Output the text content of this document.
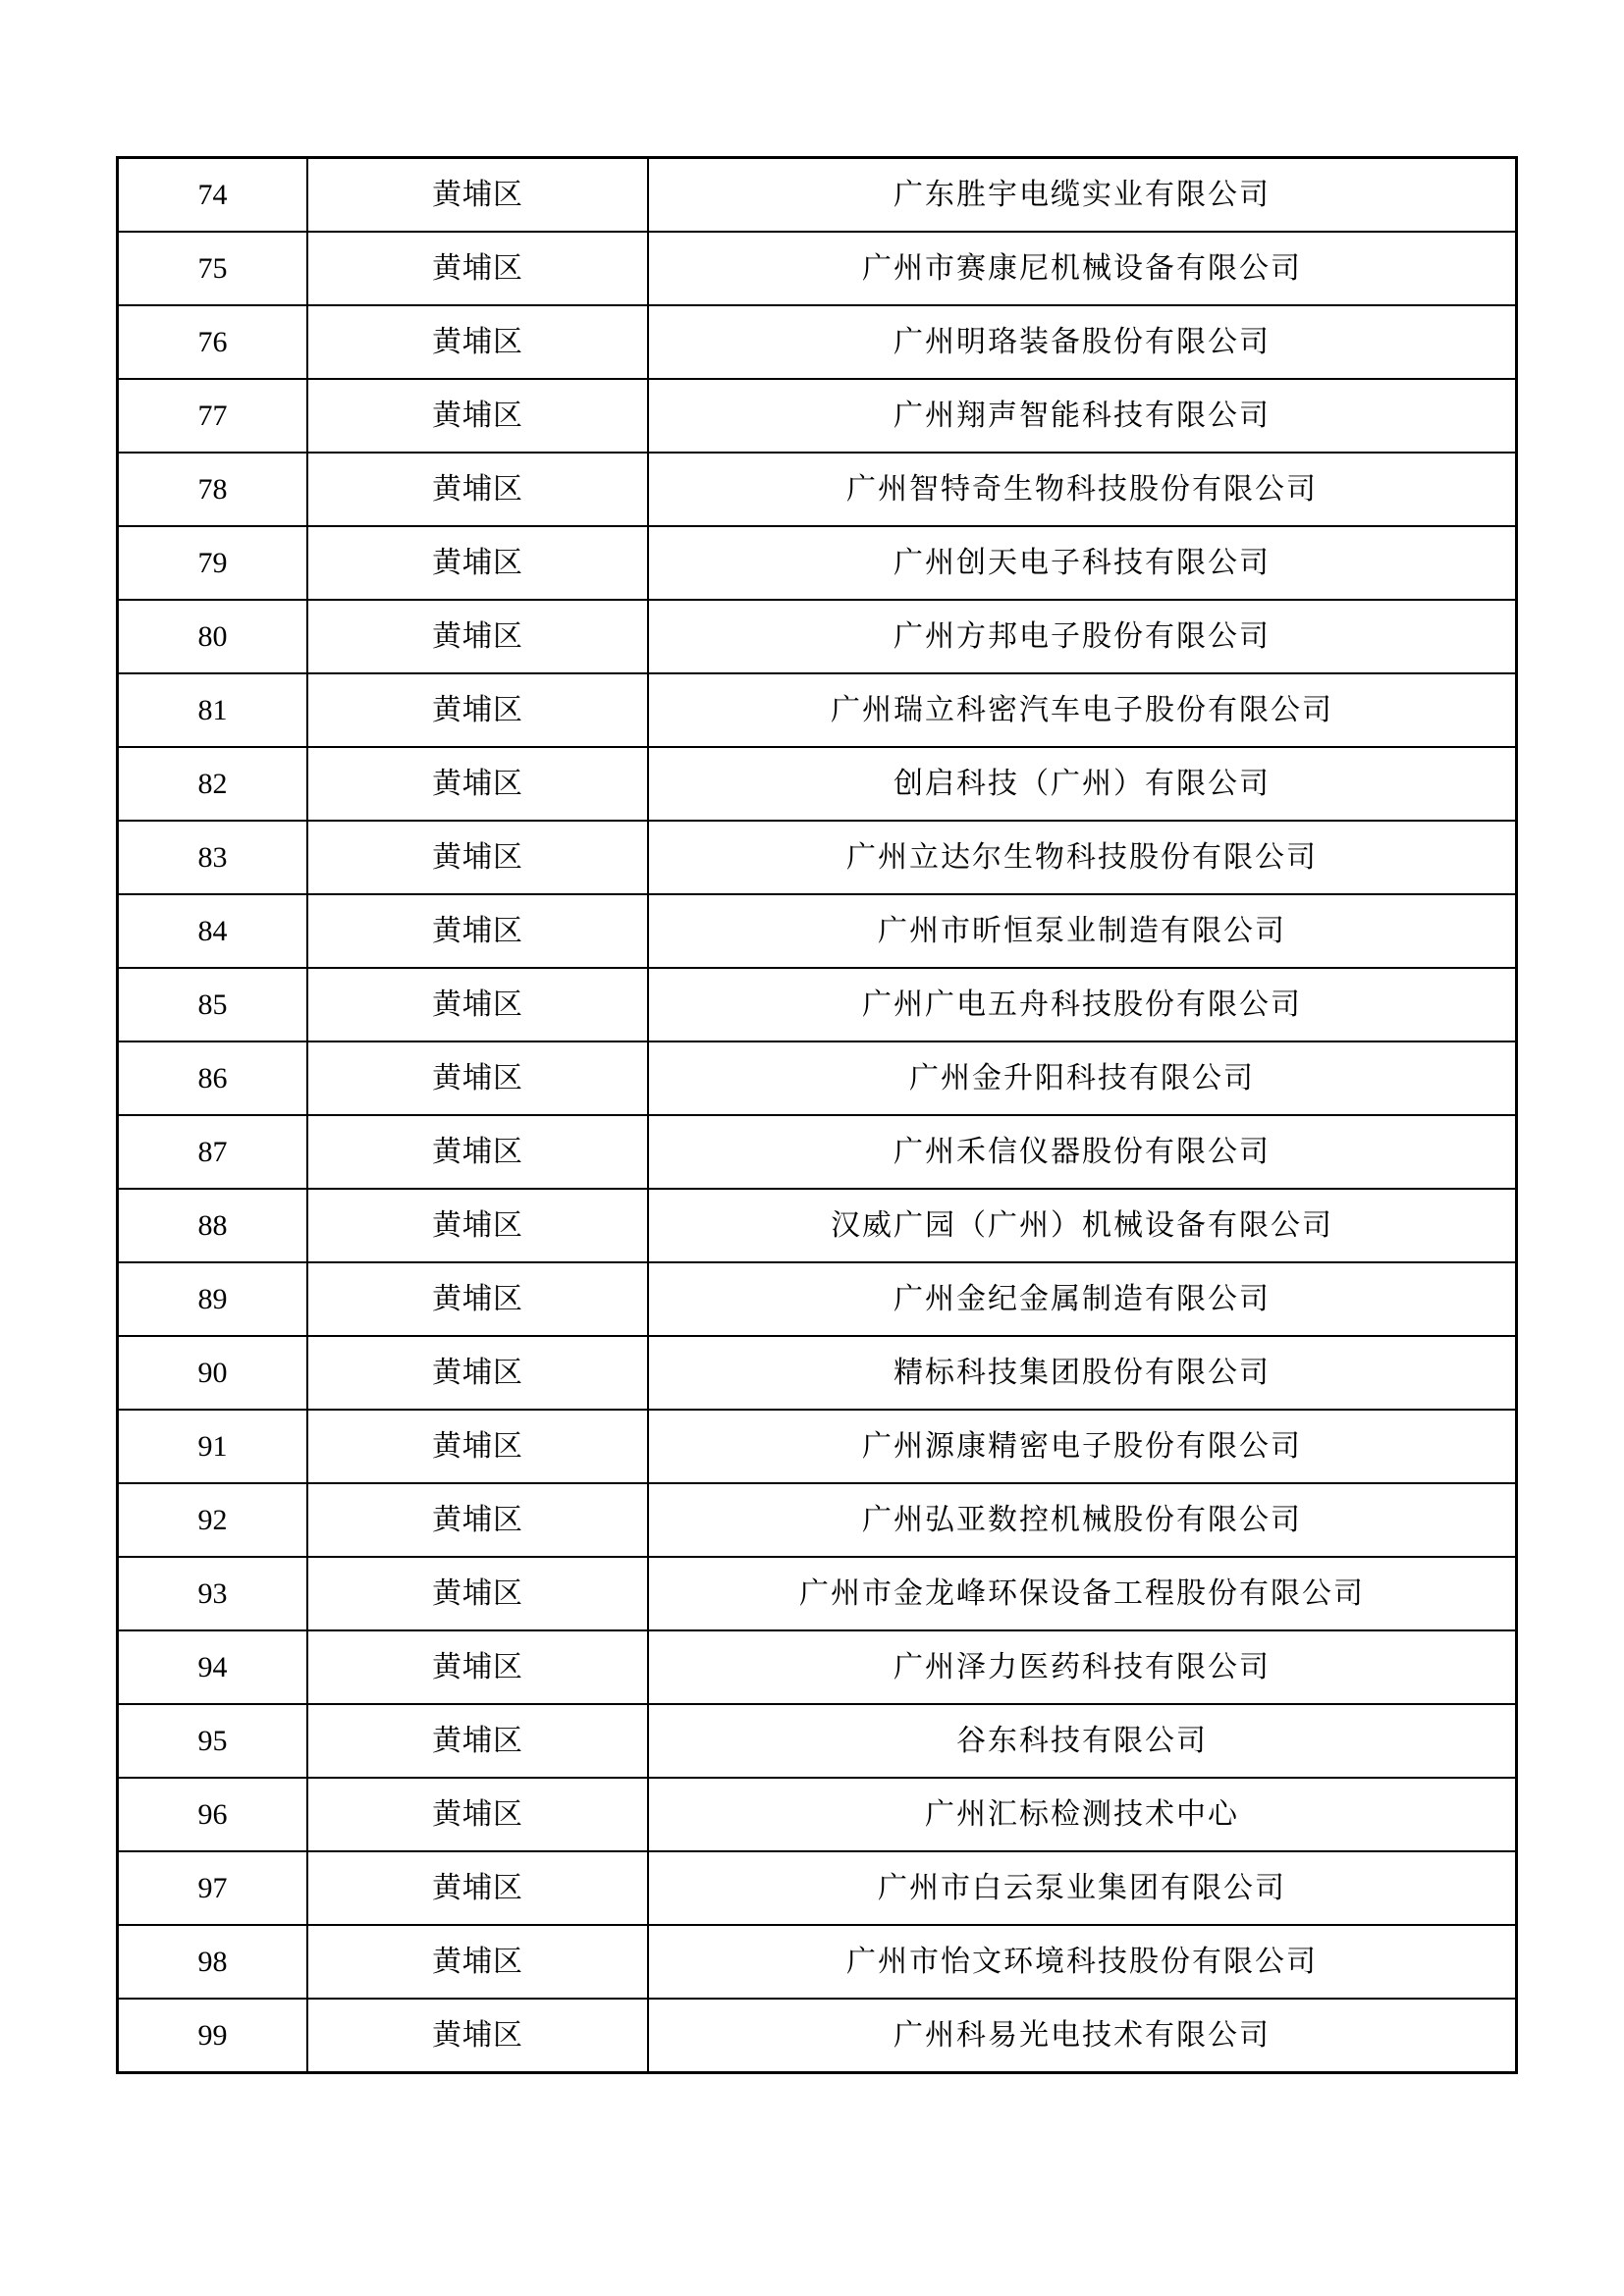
74	黄埔区	广东胜宇电缆实业有限公司
75	黄埔区	广州市赛康尼机械设备有限公司
76	黄埔区	广州明珞装备股份有限公司
77	黄埔区	广州翔声智能科技有限公司
78	黄埔区	广州智特奇生物科技股份有限公司
79	黄埔区	广州创天电子科技有限公司
80	黄埔区	广州方邦电子股份有限公司
81	黄埔区	广州瑞立科密汽车电子股份有限公司
82	黄埔区	创启科技（广州）有限公司
83	黄埔区	广州立达尔生物科技股份有限公司
84	黄埔区	广州市昕恒泵业制造有限公司
85	黄埔区	广州广电五舟科技股份有限公司
86	黄埔区	广州金升阳科技有限公司
87	黄埔区	广州禾信仪器股份有限公司
88	黄埔区	汉威广园（广州）机械设备有限公司
89	黄埔区	广州金纪金属制造有限公司
90	黄埔区	精标科技集团股份有限公司
91	黄埔区	广州源康精密电子股份有限公司
92	黄埔区	广州弘亚数控机械股份有限公司
93	黄埔区	广州市金龙峰环保设备工程股份有限公司
94	黄埔区	广州泽力医药科技有限公司
95	黄埔区	谷东科技有限公司
96	黄埔区	广州汇标检测技术中心
97	黄埔区	广州市白云泵业集团有限公司
98	黄埔区	广州市怡文环境科技股份有限公司
99	黄埔区	广州科易光电技术有限公司
